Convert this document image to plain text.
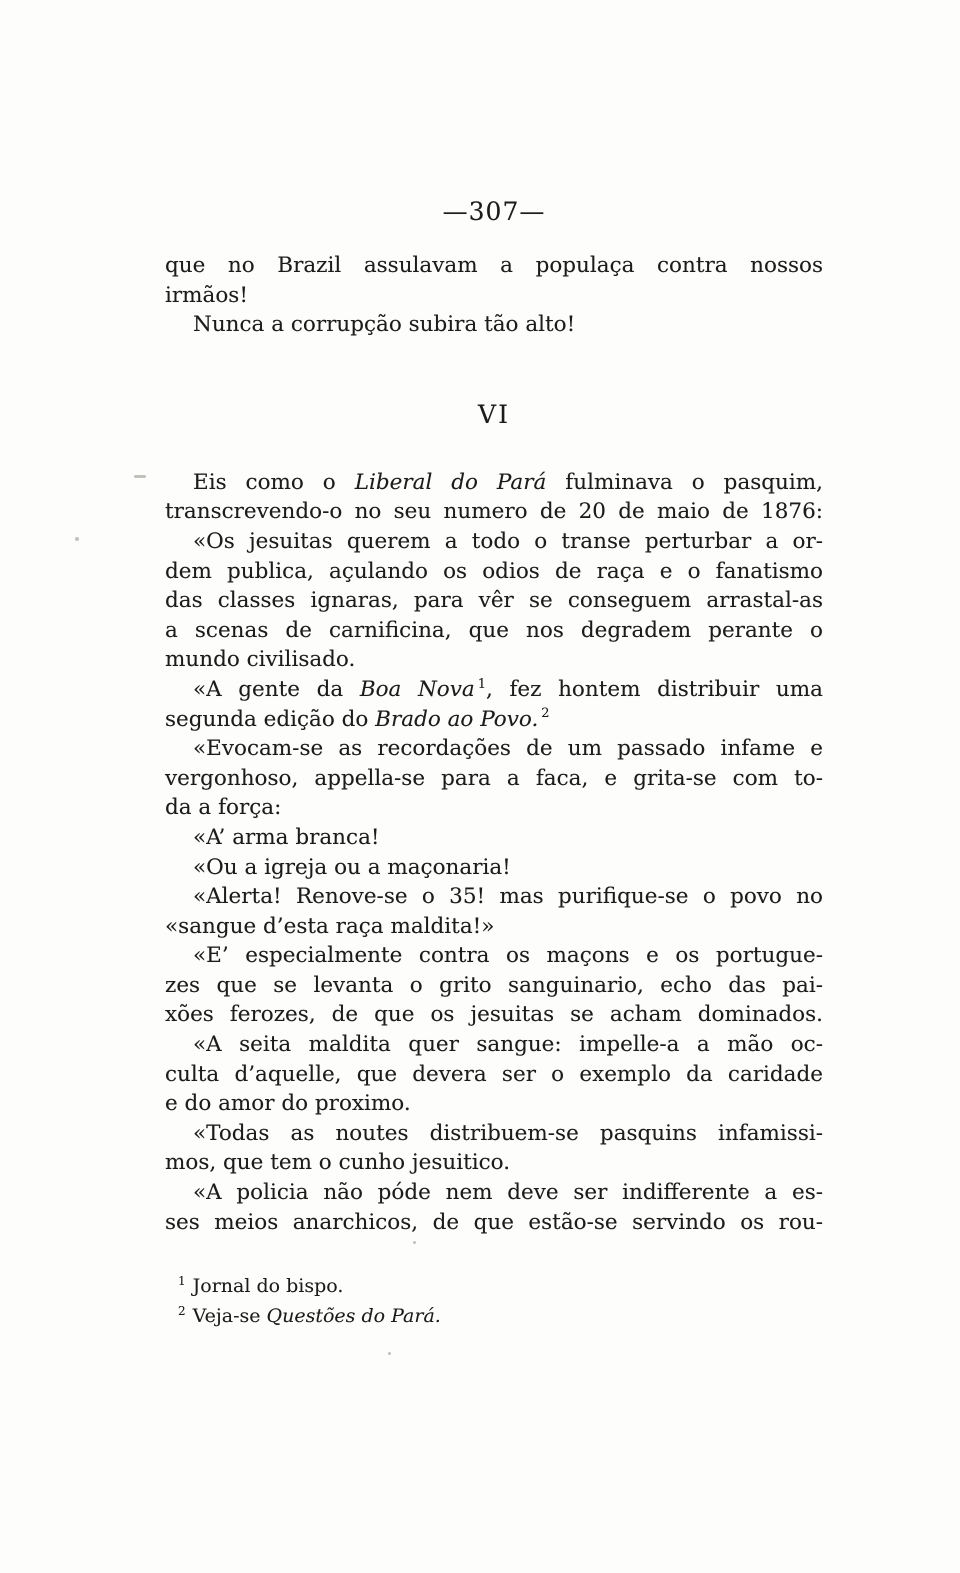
—307—
que no Brazil assulavam a populaça contra nossos
irmãos!
Nunca a corrupção subira tão alto!
VI
Eis como o Liberal do Pará fulminava o pasquim,
transcrevendo-o no seu numero de 20 de maio de 1876:
«Os jesuitas querem a todo o transe perturbar a or-
dem publica, açulando os odios de raça e o fanatismo
das classes ignaras, para vêr se conseguem arrastal-as
a scenas de carnificina, que nos degradem perante o
mundo civilisado.
«A gente da Boa Nova $^1$, fez hontem distribuir uma
segunda edição do Brado ao Povo. $^2$
«Evocam-se as recordações de um passado infame e
vergonhoso, appella-se para a faca, e grita-se com to-
da a força:
«A’ arma branca!
«Ou a igreja ou a maçonaria!
«Alerta! Renove-se o 35! mas purifique-se o povo no
«sangue d’esta raça maldita!»
«E’ especialmente contra os maçons e os portugue-
zes que se levanta o grito sanguinario, echo das pai-
xões ferozes, de que os jesuitas se acham dominados.
«A seita maldita quer sangue: impelle-a a mão oc-
culta d’aquelle, que devera ser o exemplo da caridade
e do amor do proximo.
«Todas as noutes distribuem-se pasquins infamissi-
mos, que tem o cunho jesuitico.
«A policia não póde nem deve ser indifferente a es-
ses meios anarchicos, de que estão-se servindo os rou-
$^1$ Jornal do bispo.
$^2$ Veja-se Questões do Pará.
